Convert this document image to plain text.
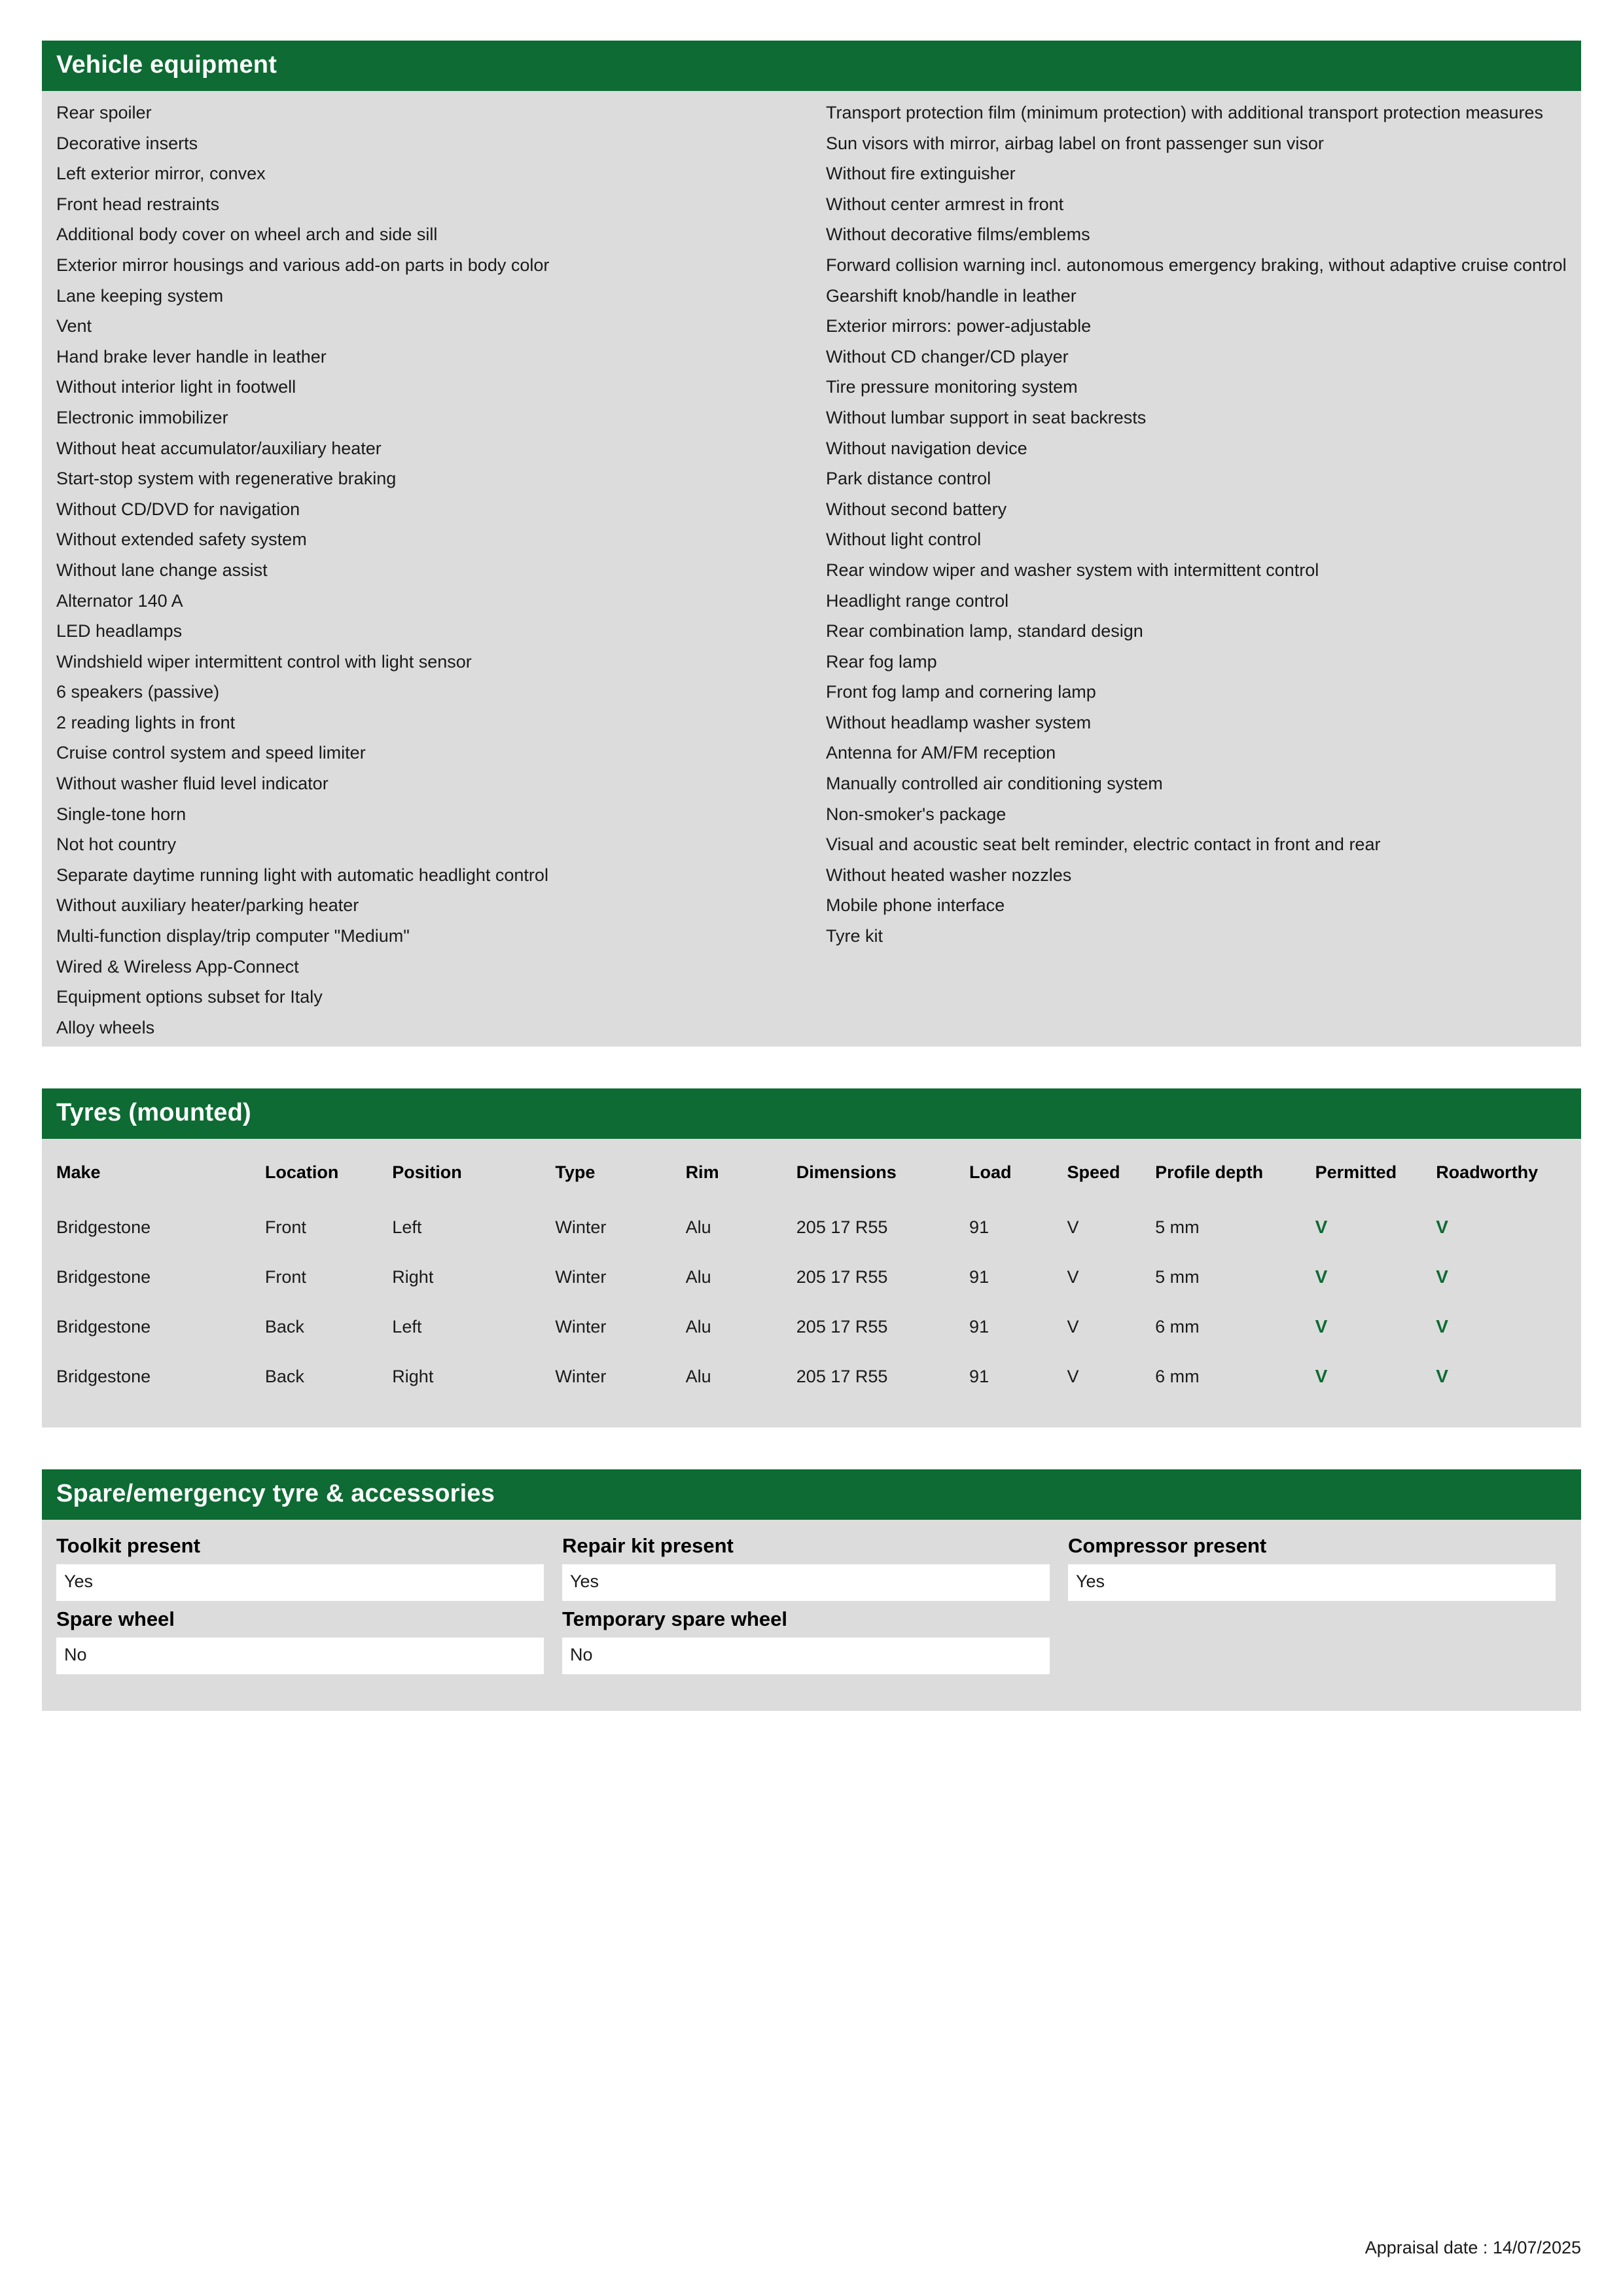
Vehicle equipment
Rear spoiler
Decorative inserts
Left exterior mirror, convex
Front head restraints
Additional body cover on wheel arch and side sill
Exterior mirror housings and various add-on parts in body color
Lane keeping system
Vent
Hand brake lever handle in leather
Without interior light in footwell
Electronic immobilizer
Without heat accumulator/auxiliary heater
Start-stop system with regenerative braking
Without CD/DVD for navigation
Without extended safety system
Without lane change assist
Alternator 140 A
LED headlamps
Windshield wiper intermittent control with light sensor
6 speakers (passive)
2 reading lights in front
Cruise control system and speed limiter
Without washer fluid level indicator
Single-tone horn
Not hot country
Separate daytime running light with automatic headlight control
Without auxiliary heater/parking heater
Multi-function display/trip computer "Medium"
Wired & Wireless App-Connect
Equipment options subset for Italy
Alloy wheels
Transport protection film (minimum protection) with additional transport protection measures
Sun visors with mirror, airbag label on front passenger sun visor
Without fire extinguisher
Without center armrest in front
Without decorative films/emblems
Forward collision warning incl. autonomous emergency braking, without adaptive cruise control
Gearshift knob/handle in leather
Exterior mirrors: power-adjustable
Without CD changer/CD player
Tire pressure monitoring system
Without lumbar support in seat backrests
Without navigation device
Park distance control
Without second battery
Without light control
Rear window wiper and washer system with intermittent control
Headlight range control
Rear combination lamp, standard design
Rear fog lamp
Front fog lamp and cornering lamp
Without headlamp washer system
Antenna for AM/FM reception
Manually controlled air conditioning system
Non-smoker's package
Visual and acoustic seat belt reminder, electric contact in front and rear
Without heated washer nozzles
Mobile phone interface
Tyre kit
Tyres (mounted)
Make	Location	Position	Type	Rim	Dimensions	Load	Speed	Profile depth	Permitted	Roadworthy
Bridgestone	Front	Left	Winter	Alu	205 17 R55	91	V	5 mm	V	V
Bridgestone	Front	Right	Winter	Alu	205 17 R55	91	V	5 mm	V	V
Bridgestone	Back	Left	Winter	Alu	205 17 R55	91	V	6 mm	V	V
Bridgestone	Back	Right	Winter	Alu	205 17 R55	91	V	6 mm	V	V
Spare/emergency tyre & accessories
Toolkit present
Yes
Repair kit present
Yes
Compressor present
Yes
Spare wheel
No
Temporary spare wheel
No
Appraisal date : 14/07/2025
